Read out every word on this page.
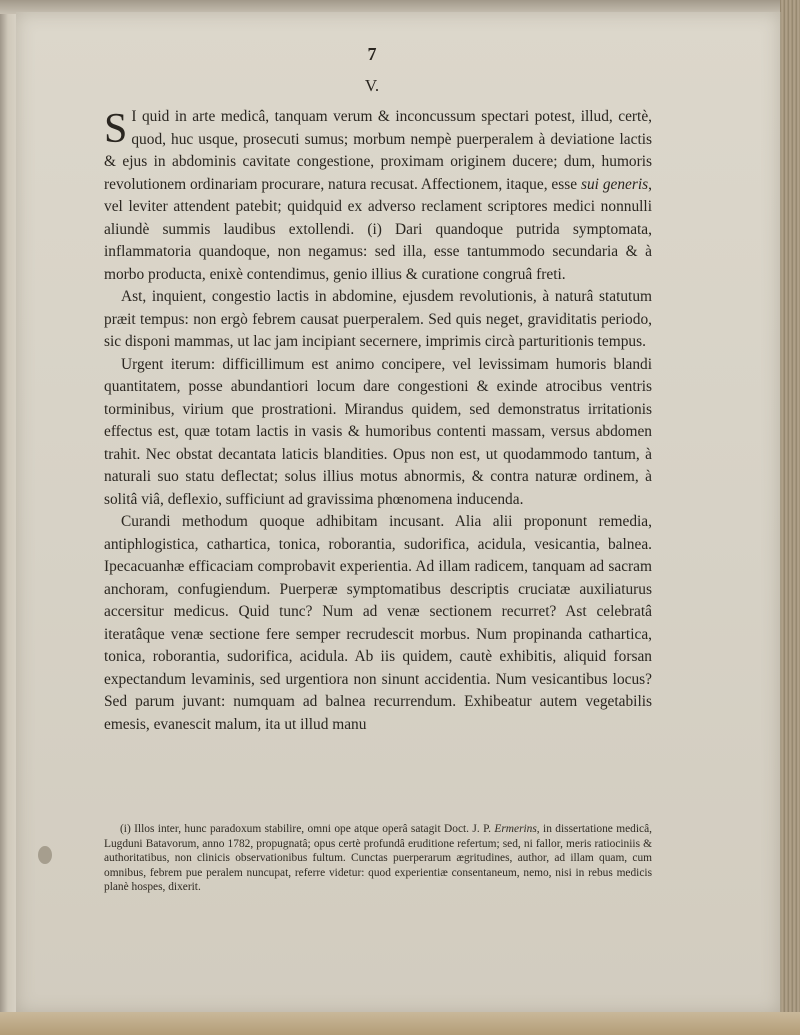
7
V.

S I quid in arte medicâ, tanquam verum & inconcussum spectari potest, illud, certè, quod, huc usque, prosecuti sumus; morbum nempè puerperalem à deviatione lactis & ejus in abdominis cavitate congestione, proximam originem ducere; dum, humoris revolutionem ordinariam procurare, natura recusat. Affectionem, itaque, esse sui generis, vel leviter attendent patebit; quidquid ex adverso reclament scriptores medici nonnulli aliundè summis laudibus extollendi. (i) Dari quandoque putrida symptomata, inflammatoria quandoque, non negamus: sed illa, esse tantummodo secundaria & à morbo producta, enixè contendimus, genio illius & curatione congruâ freti.

Ast, inquient, congestio lactis in abdomine, ejusdem revolutionis, à naturâ statutum præit tempus: non ergò febrem causat puerperalem. Sed quis neget, graviditatis periodo, sic disponi mammas, ut lac jam incipiant secernere, imprimis circà parturitionis tempus.

Urgent iterum: difficillimum est animo concipere, vel levissimam humoris blandi quantitatem, posse abundantiori locum dare congestioni & exinde atrocibus ventris torminibus, virium que prostrationi. Mirandus quidem, sed demonstratus irritationis effectus est, quæ totam lactis in vasis & humoribus contenti massam, versus abdomen trahit. Nec obstat decantata laticis blandities. Opus non est, ut quodammodo tantum, à naturali suo statu deflectat; solus illius motus abnormis, & contra naturæ ordinem, à solitâ viâ, deflexio, sufficiunt ad gravissima phœnomena inducenda.

Curandi methodum quoque adhibitam incusant. Alia alii proponunt remedia, antiphlogistica, cathartica, tonica, roborantia, sudorifica, acidula, vesicantia, balnea. Ipecacuanhæ efficaciam comprobavit experientia. Ad illam radicem, tanquam ad sacram anchoram, confugiendum. Puerperæ symptomatibus descriptis cruciatæ auxiliaturus accersitur medicus. Quid tunc? Num ad venæ sectionem recurret? Ast celebratâ iteratâque venæ sectione fere semper recrudescit morbus. Num propinanda cathartica, tonica, roborantia, sudorifica, acidula. Ab iis quidem, cautè exhibitis, aliquid forsan expectandum levaminis, sed urgentiora non sinunt accidentia. Num vesicantibus locus? Sed parum juvant: numquam ad balnea recurrendum. Exhibeatur autem vegetabilis emesis, evanescit malum, ita ut illud manu

(i) Illos inter, hunc paradoxum stabilire, omni ope atque operâ satagit Doct. J. P. Ermerins, in dissertatione medicâ, Lugduni Batavorum, anno 1782, propugnatâ; opus certè profundâ eruditione refertum; sed, ni fallor, meris ratiociniis & authoritatibus, non clinicis observationibus fultum. Cunctas puerperarum ægritudines, author, ad illam quam, cum omnibus, febrem pue peralem nuncupat, referre videtur: quod experientiæ consentaneum, nemo, nisi in rebus medicis planè hospes, dixerit.
